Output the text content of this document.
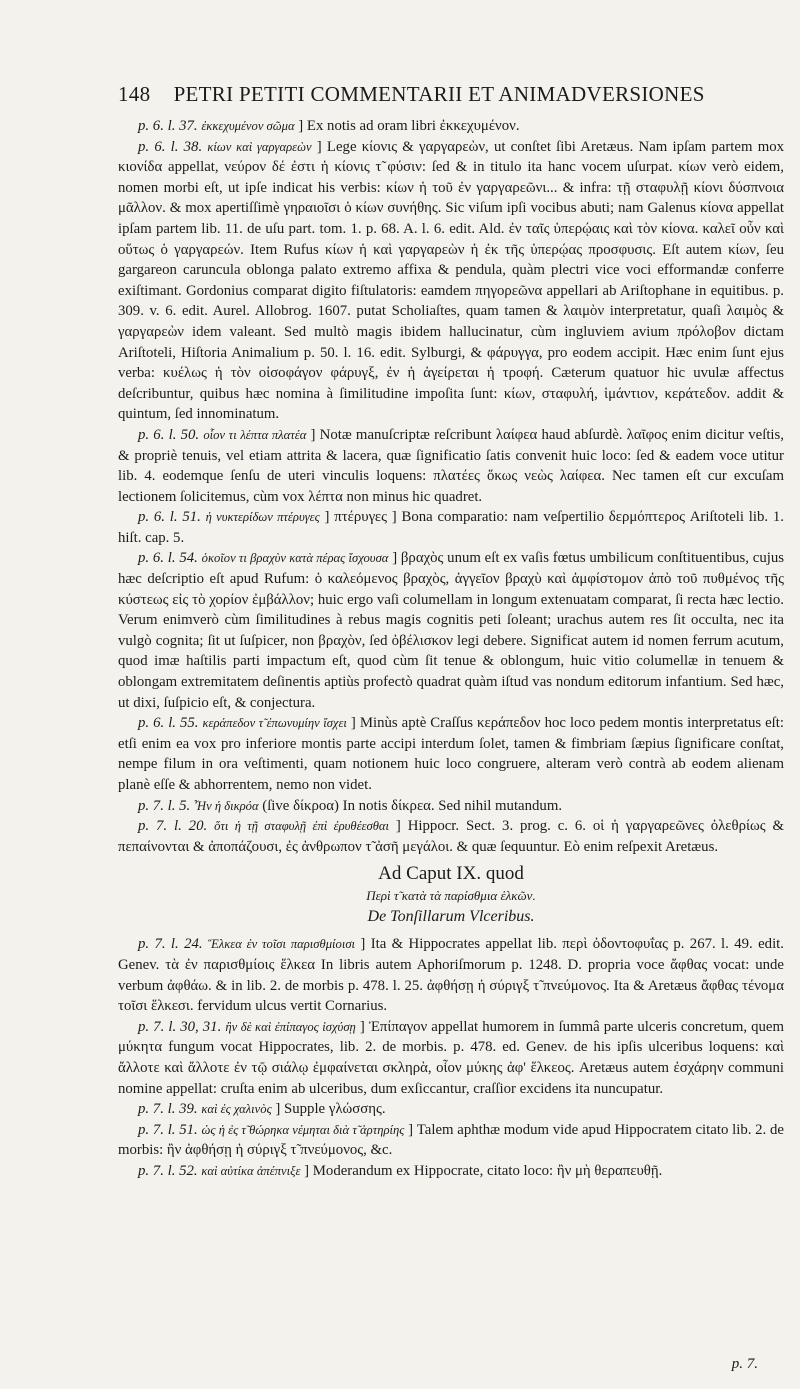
148 PETRI PETITI COMMENTARII ET ANIMADVERSIONES

p. 6. l. 37. ἐκκεχυμένον σῶμα ] Ex notis ad oram libri ἐκκεχυμένον.

p. 6. l. 38. κίων καὶ γαργαρεὼν ] Lege κίονις & γαργαρεὼν, ut conſtet ſibi Aretæus. Nam ipſam partem mox κιονίδα appellat, νεύρον δέ ἐστι ἡ κίονις τ̃ φύσιν: ſed & in titulo ita hanc vocem uſurpat. κίων verò eidem, nomen morbi eſt, ut ipſe indicat his verbis: κίων ἡ τοῦ ἐν γαργαρεῶνι... & infra: τῇ σταφυλῇ κίονι δύσπνοια μᾶλλον. & mox apertiſſimè γηραιοῖσι ὁ κίων συνήθης. Sic viſum ipſi vocibus abuti; nam Galenus κίονα appellat ipſam partem lib. 11. de uſu part. tom. 1. p. 68. A. l. 6. edit. Ald. ἐν ταῖς ὑπερῴαις καὶ τὸν κίονα. καλεῖ οὖν καὶ οὕτως ὁ γαργαρεών. Item Rufus κίων ἡ καὶ γαργαρεὼν ἡ ἐκ τῆς ὑπερῴας προσφυσις. Eſt autem κίων, ſeu gargareon caruncula oblonga palato extremo affixa & pendula, quàm plectri vice voci efformandæ conferre exiſtimant. Gordonius comparat digito fiſtulatoris: eamdem πηγορεῶνα appellari ab Ariſtophane in equitibus. p. 309. v. 6. edit. Aurel. Allobrog. 1607. putat Scholiaſtes, quam tamen & λαιμὸν interpretatur, quaſi λαιμὸς & γαργαρεὼν idem valeant. Sed multò magis ibidem hallucinatur, cùm ingluviem avium πρόλοβον dictam Ariſtoteli, Hiſtoria Animalium p. 50. l. 16. edit. Sylburgi, & φάρυγγα, pro eodem accipit. Hæc enim ſunt ejus verba: κυέλως ἡ τὸν οἰσοφάγον φάρυγξ, ἐν ἡ ἀγείρεται ἡ τροφή. Cæterum quatuor hic uvulæ affectus deſcribuntur, quibus hæc nomina à ſimilitudine impoſita ſunt: κίων, σταφυλή, ἱμάντιον, κεράτεδον. addit & quintum, ſed innominatum.

p. 6. l. 50. οἷον τι λέπτα πλατέα ] Notæ manuſcriptæ reſcribunt λαίφεα haud abſurdè. λαῖφος enim dicitur veſtis, & propriè tenuis, vel etiam attrita & lacera, quæ ſignificatio ſatis convenit huic loco: ſed & eadem voce utitur lib. 4. eodemque ſenſu de uteri vinculis loquens: πλατέες ὅκως νεὼς λαίφεα. Nec tamen eſt cur excuſam lectionem ſolicitemus, cùm vox λέπτα non minus hic quadret.

p. 6. l. 51. ἡ νυκτερίδων πτέρυγες ] πτέρυγες ] Bona comparatio: nam veſpertilio δερμόπτερος Ariſtoteli lib. 1. hiſt. cap. 5.

p. 6. l. 54. ὁκοῖον τι βραχὺν κατὰ πέρας ἴσχουσα ] βραχὸς unum eſt ex vaſis fœtus umbilicum conſtituentibus, cujus hæc deſcriptio eſt apud Rufum: ὁ καλεόμενος βραχὸς, ἀγγεῖον βραχὺ καὶ ἀμφίστομον ἀπὸ τοῦ πυθμένος τῆς κύστεως εἰς τὸ χορίον ἐμβάλλον; huic ergo vaſi columellam in longum extenuatam comparat, ſi recta hæc lectio. Verum enimverò cùm ſimilitudines à rebus magis cognitis peti ſoleant; urachus autem res ſit occulta, nec ita vulgò cognita; ſit ut ſuſpicer, non βραχὸν, ſed ὀβέλισκον legi debere. Significat autem id nomen ferrum acutum, quod imæ haſtilis parti impactum eſt, quod cùm ſit tenue & oblongum, huic vitio columellæ in tenuem & oblongam extremitatem deſinentis aptiùs profectò quadrat quàm iſtud vas nondum editorum infantium. Sed hæc, ut dixi, ſuſpicio eſt, & conjectura.

p. 6. l. 55. κεράπεδον τ̃ ἐπωνυμίην ἴσχει ] Minùs aptè Craſſus κεράπεδον hoc loco pedem montis interpretatus eſt: etſi enim ea vox pro inferiore montis parte accipi interdum ſolet, tamen & fimbriam ſæpius ſignificare conſtat, nempe filum in ora veſtimenti, quam notionem huic loco congruere, alteram verò contrà ab eodem alienam planè eſſe & abhorrentem, nemo non videt.

p. 7. l. 5. Ἦν ἡ δικρόα (ſive δίκροα) In notis δίκρεα. Sed nihil mutandum.

p. 7. l. 20. ὅτι ἡ τῇ σταφυλῇ ἐπὶ ἐρυθέεσθαι ] Hippocr. Sect. 3. prog. c. 6. οἱ ἡ γαργαρεῶνες ὀλεθρίως & πεπαίνονται & ἀποπάζουσι, ἐς ἀνθρωπον τ̃ ἀσῆ μεγάλοι. & quæ ſequuntur. Eò enim reſpexit Aretæus.

Ad Caput IX. quod
Περὶ τ̃ κατὰ τὰ παρίσθμια ἑλκῶν.
De Tonſillarum Vlceribus.

p. 7. l. 24. Ἕλκεα ἐν τοῖσι παρισθμίοισι ] Ita & Hippocrates appellat lib. περὶ ὀδοντοφυΐας p. 267. l. 49. edit. Genev. τὰ ἐν παρισθμίοις ἕλκεα In libris autem Aphoriſmorum p. 1248. D. propria voce ἄφθας vocat: unde verbum ἀφθάω. & in lib. 2. de morbis p. 478. l. 25. ἀφθήσῃ ἡ σύριγξ τ̃ πνεύμονος. Ita & Aretæus ἄφθας τένομα τοῖσι ἕλκεσι. fervidum ulcus vertit Cornarius.

p. 7. l. 30, 31. ἢν δὲ καὶ ἐπίπαγος ἰσχύσῃ ] Ἐπίπαγον appellat humorem in ſummâ parte ulceris concretum, quem μύκητα fungum vocat Hippocrates, lib. 2. de morbis. p. 478. ed. Genev. de his ipſis ulceribus loquens: καὶ ἄλλοτε καὶ ἄλλοτε ἐν τῷ σιάλῳ ἐμφαίνεται σκληρὰ, οἷον μύκης ἀφ' ἕλκεος. Aretæus autem ἐσχάρην communi nomine appellat: cruſta enim ab ulceribus, dum exſiccantur, craſſior excidens ita nuncupatur.

p. 7. l. 39. καὶ ἐς χαλινὸς ] Supple γλώσσης.

p. 7. l. 51. ὡς ἡ ἐς τ̃ θώρηκα νέμηται διὰ τ̃ ἀρτηρίης ] Talem aphthæ modum vide apud Hippocratem citato lib. 2. de morbis: ἢν ἀφθήσῃ ἡ σύριγξ τ̃ πνεύμονος, &c.

p. 7. l. 52. καὶ αὐτίκα ἀπέπνιξε ] Moderandum ex Hippocrate, citato loco: ἢν μὴ θεραπευθῇ.

p. 7.
